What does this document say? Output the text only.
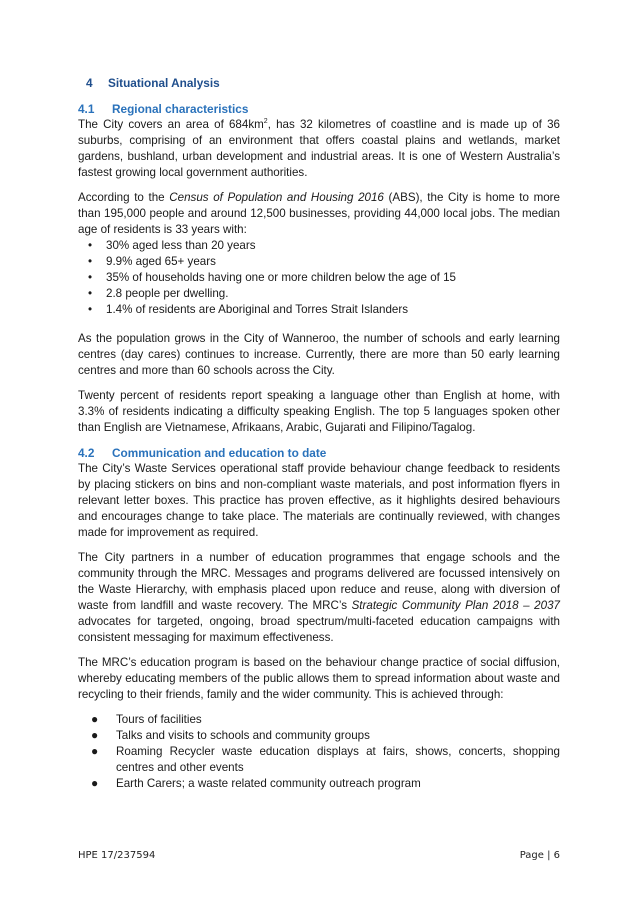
4 Situational Analysis
4.1 Regional characteristics

The City covers an area of $684km^2$, has 32 kilometres of coastline and is made up of 36 suburbs, comprising of an environment that offers coastal plains and wetlands, market gardens, bushland, urban development and industrial areas. It is one of Western Australia’s fastest growing local government authorities.

According to the Census of Population and Housing 2016 (ABS), the City is home to more than 195,000 people and around 12,500 businesses, providing 44,000 local jobs. The median age of residents is 33 years with:

• 30% aged less than 20 years
• 9.9% aged 65+ years
• 35% of households having one or more children below the age of 15
• 2.8 people per dwelling.
• 1.4% of residents are Aboriginal and Torres Strait Islanders

As the population grows in the City of Wanneroo, the number of schools and early learning centres (day cares) continues to increase. Currently, there are more than 50 early learning centres and more than 60 schools across the City.

Twenty percent of residents report speaking a language other than English at home, with 3.3% of residents indicating a difficulty speaking English. The top 5 languages spoken other than English are Vietnamese, Afrikaans, Arabic, Gujarati and Filipino/Tagalog.

4.2 Communication and education to date

The City’s Waste Services operational staff provide behaviour change feedback to residents by placing stickers on bins and non-compliant waste materials, and post information flyers in relevant letter boxes. This practice has proven effective, as it highlights desired behaviours and encourages change to take place. The materials are continually reviewed, with changes made for improvement as required.

The City partners in a number of education programmes that engage schools and the community through the MRC. Messages and programs delivered are focussed intensively on the Waste Hierarchy, with emphasis placed upon reduce and reuse, along with diversion of waste from landfill and waste recovery. The MRC’s Strategic Community Plan 2018 – 2037 advocates for targeted, ongoing, broad spectrum/multi-faceted education campaigns with consistent messaging for maximum effectiveness.

The MRC’s education program is based on the behaviour change practice of social diffusion, whereby educating members of the public allows them to spread information about waste and recycling to their friends, family and the wider community. This is achieved through:

● Tours of facilities
● Talks and visits to schools and community groups
● Roaming Recycler waste education displays at fairs, shows, concerts, shopping centres and other events
● Earth Carers; a waste related community outreach program
HPE 17/237594	Page | 6
